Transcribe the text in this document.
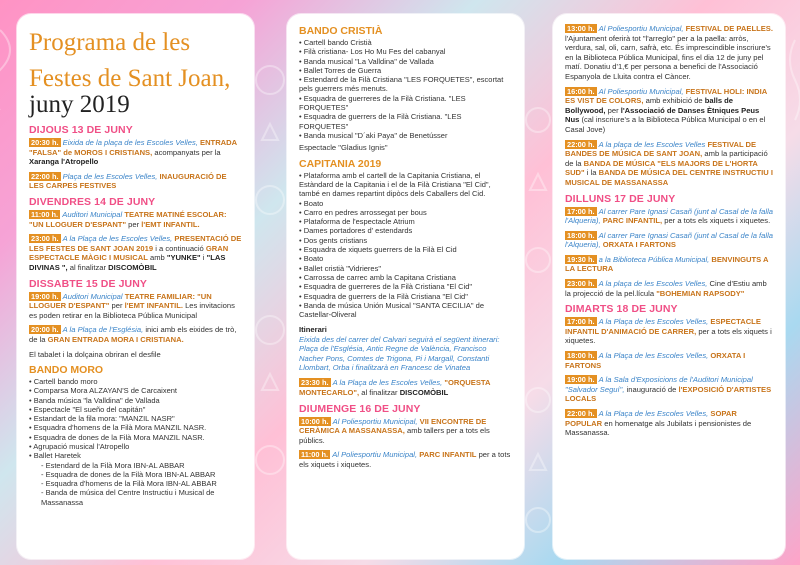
Programa de les
Festes de Sant Joan,
juny 2019
DIJOUS 13 DE JUNY
20:30 h. Eixida de la plaça de les Escoles Velles, ENTRADA "FALSA" de MOROS I CRISTIANS, acompanyats per la Xaranga l'Atropello
22:00 h. Plaça de les Escoles Velles, INAUGURACIÓ DE LES CARPES FESTIVES
DIVENDRES 14 DE JUNY
11:00 h. Auditori Municipal TEATRE MATINÉ ESCOLAR: "UN LLOGUER D'ESPANT" per l'EMT INFANTIL.
23:00 h. A la Plaça de les Escoles Velles, PRESENTACIÓ DE LES FESTES DE SANT JOAN 2019 i a continuació GRAN ESPECTACLE MÀGIC I MUSICAL amb "YUNKE" i "LAS DIVINAS ", al finalitzar DISCOMÒBIL
DISSABTE 15 DE JUNY
19:00 h. Auditori Municipal TEATRE FAMILIAR: "UN LLOGUER D'ESPANT" per l'EMT INFANTIL. Les invitacions es poden retirar en la Biblioteca Pública Municipal
20:00 h. A la Plaça de l'Església, inici amb els eixides de trò, de la GRAN ENTRADA MORA I CRISTIANA.
El tabalet i la dolçaina obriran el desfile
BANDO MORO
• Cartell bando moro
• Comparsa Mora ALZAYAN'S de Carcaixent
• Banda música "la Valldina" de Vallada
• Espectacle "El sueño del capitán"
• Estandart de la fila mora: "MANZIL NASR"
• Esquadra d'homens de la Filà Mora MANZIL NASR.
• Esquadra de dones de la Filà Mora MANZIL NASR.
• Agrupació musical l'Atropello
• Ballet Haretek
- Estendard de la Filà Mora IBN-AL ABBAR
- Esquadra de dones de la Filà Mora IBN-AL ABBAR
- Esquadra d'homens de la Filà Mora IBN-AL ABBAR
- Banda de música del Centre Instructiu i Musical de Massanassa
BANDO CRISTIÀ
• Cartell bando Cristià
• Filà cristiana- Los Ho Mu Fes del cabanyal
• Banda musical "La Valldina" de Vallada
• Ballet Torres de Guerra
• Estendard de la Filà Cristiana "LES FORQUETES", escortat pels guerrers més menuts.
• Esquadra de guerreres de la Filà Cristiana. "LES FORQUETES"
• Esquadra de guerrers de la Filà Cristiana. "LES FORQUETES"
• Banda musical "D´aki Paya" de Benetússer
Espectacle "Gladius Ignis"
CAPITANIA 2019
• Plataforma amb el cartell de la Capitania Cristiana, el Estàndard de la Capitania i el de la Filà Cristiana "El Cid", també en dames repartint dipòcs dels Caballers del Cid.
• Boato
• Carro en pedres arrossegat per bous
• Plataforma de l'espectacle Atrium
• Dames portadores d' estendards
• Dos gents cristians
• Esquadra de xiquets guerrers de la Filà El Cid
• Boato
• Ballet cristià "Vidrieres"
• Carrossa de carrec amb la Capitana Cristiana
• Esquadra de guerreres de la Filà Cristiana "El Cid"
• Esquadra de guerrers de la Filà Cristiana "El Cid"
• Banda de música Unión Musical "SANTA CECILIA" de Castellar-Oliveral
Itinerari
Eixida des del carrer del Calvari seguirà el següent itinerari: Plaça de l'Església, Antic Regne de València, Francisco Nacher Pons, Comtes de Trigona, Pi i Margall, Constanti Llombart, Orba i finalitzarà en Francesc de Vinatea
23:30 h. A la Plaça de les Escoles Velles, "ORQUESTA MONTECARLO", al finalitzar DISCOMÒBIL
DIUMENGE 16 DE JUNY
10:00 h. Al Poliesportiu Municipal, VII ENCONTRE DE CERÀMICA A MASSANASSA, amb tallers per a tots els públics.
11:00 h. Al Poliesportiu Municipal, PARC INFANTIL per a tots els xiquets i xiquetes.
13:00 h. Al Poliesportiu Municipal, FESTIVAL DE PAELLES. l'Ajuntament oferirà tot "l'arreglo" per a la paella: arròs, verdura, sal, oli, carn, safrà, etc. És imprescindible inscriure's en la Biblioteca Pública Municipal, fins el dia 12 de juny pel matí. Donatiu d'1,€ per persona a benefici de l'Associació Espanyola de Lluita contra el Càncer.
16:00 h. Al Poliesportiu Municipal, FESTIVAL HOLI: INDIA ES VIST DE COLORS, amb exhibició de balls de Bollywood, per l'Associació de Danses Ètniques Peus Nus (cal inscriure's a la Biblioteca Pública Municipal o en el Casal Jove)
22:00 h. A la plaça de les Escoles Velles FESTIVAL DE BANDES DE MÚSICA DE SANT JOAN, amb la participació de la BANDA DE MÚSICA "ELS MAJORS DE L'HORTA SUD" i la BANDA DE MÚSICA DEL CENTRE INSTRUCTIU I MUSICAL DE MASSANASSA
DILLUNS 17 DE JUNY
17:00 h. Al carrer Pare Ignasi Casañ (junt al Casal de la falla l'Alqueria), PARC INFANTIL, per a tots els xiquets i xiquetes.
18:00 h. Al carrer Pare Ignasi Casañ (junt al Casal de la falla l'Alqueria), ORXATA I FARTONS
19:30 h. a la Biblioteca Pública Municipal, BENVINGUTS A LA LECTURA
23:00 h. A la plaça de les Escoles Velles, Cine d'Estiu amb la projecció de la pel.lícula "BOHEMIAN RAPSODY"
DIMARTS 18 DE JUNY
17:00 h. A la Plaça de les Escoles Velles, ESPECTACLE INFANTIL D'ANIMACIÓ DE CARRER, per a tots els xiquets i xiquetes.
18:00 h. A la Plaça de les Escoles Velles, ORXATA I FARTONS
19:00 h. A la Sala d'Exposicions de l'Auditori Municipal "Salvador Seguí", inauguració de l'EXPOSICIÓ D'ARTISTES LOCALS
22:00 h. A la Plaça de les Escoles Velles, SOPAR POPULAR en homenatge als Jubilats i pensionistes de Massanassa.
